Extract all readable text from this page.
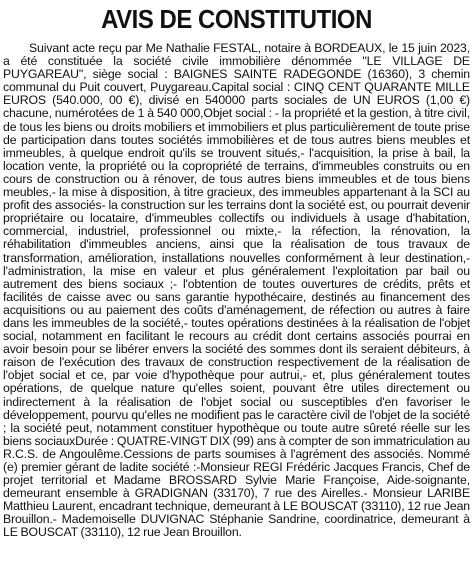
AVIS DE CONSTITUTION

Suivant acte reçu par Me Nathalie FESTAL, notaire à BORDEAUX, le 15 juin 2023, a été constituée la société civile immobilière dénommée "LE VILLAGE DE PUYGAREAU", siège social : BAIGNES SAINTE RADEGONDE (16360), 3 chemin communal du Puit couvert, Puygareau.Capital social : CINQ CENT QUARANTE MILLE EUROS (540.000, 00 €), divisé en 540000 parts sociales de UN EUROS (1,00 €) chacune, numérotées de 1 à 540 000,Objet social : - la propriété et la gestion, à titre civil, de tous les biens ou droits mobiliers et immobiliers et plus particulièrement de toute prise de participation dans toutes sociétés immobilières et de tous autres biens meubles et immeubles, à quelque endroit qu'ils se trouvent situés,- l'acquisition, la prise à bail, la location vente, la propriété ou la copropriété de terrains, d'immeubles construits ou en cours de construction ou à rénover, de tous autres biens immeubles et de tous biens meubles,- la mise à disposition, à titre gracieux, des immeubles appartenant à la SCI au profit des associés- la construction sur les terrains dont la société est, ou pourrait devenir propriétaire ou locataire, d'immeubles collectifs ou individuels à usage d'habitation, commercial, industriel, professionnel ou mixte,- la réfection, la rénovation, la réhabilitation d'immeubles anciens, ainsi que la réalisation de tous travaux de transformation, amélioration, installations nouvelles conformément à leur destination,- l'administration, la mise en valeur et plus généralement l'exploitation par bail ou autrement des biens sociaux ;- l'obtention de toutes ouvertures de crédits, prêts et facilités de caisse avec ou sans garantie hypothécaire, destinés au financement des acquisitions ou au paiement des coûts d'aménagement, de réfection ou autres à faire dans les immeubles de la société,- toutes opérations destinées à la réalisation de l'objet social, notamment en facilitant le recours au crédit dont certains associés pourrai en avoir besoin pour se libérer envers la société des sommes dont ils seraient débiteurs, à raison de l'exécution des travaux de construction respectivement de la réalisation de l'objet social et ce, par voie d'hypothèque pour autrui,- et, plus généralement toutes opérations, de quelque nature qu'elles soient, pouvant être utiles directement ou indirectement à la réalisation de l'objet social ou susceptibles d'en favoriser le développement, pourvu qu'elles ne modifient pas le caractère civil de l'objet de la société ; la société peut, notamment constituer hypothèque ou toute autre sûreté réelle sur les biens sociauxDurée : QUATRE-VINGT DIX (99) ans à compter de son immatriculation au R.C.S. de Angoulême.Cessions de parts soumises à l'agrément des associés. Nommé (e) premier gérant de ladite société :-Monsieur REGI Frédéric Jacques Francis, Chef de projet territorial et Madame BROSSARD Sylvie Marie Françoise, Aide-soignante, demeurant ensemble à GRADIGNAN (33170), 7 rue des Airelles.- Monsieur LARIBE Matthieu Laurent, encadrant technique, demeurant à LE BOUSCAT (33110), 12 rue Jean Brouillon.- Mademoiselle DUVIGNAC Stéphanie Sandrine, coordinatrice, demeurant à LE BOUSCAT (33110), 12 rue Jean Brouillon.
